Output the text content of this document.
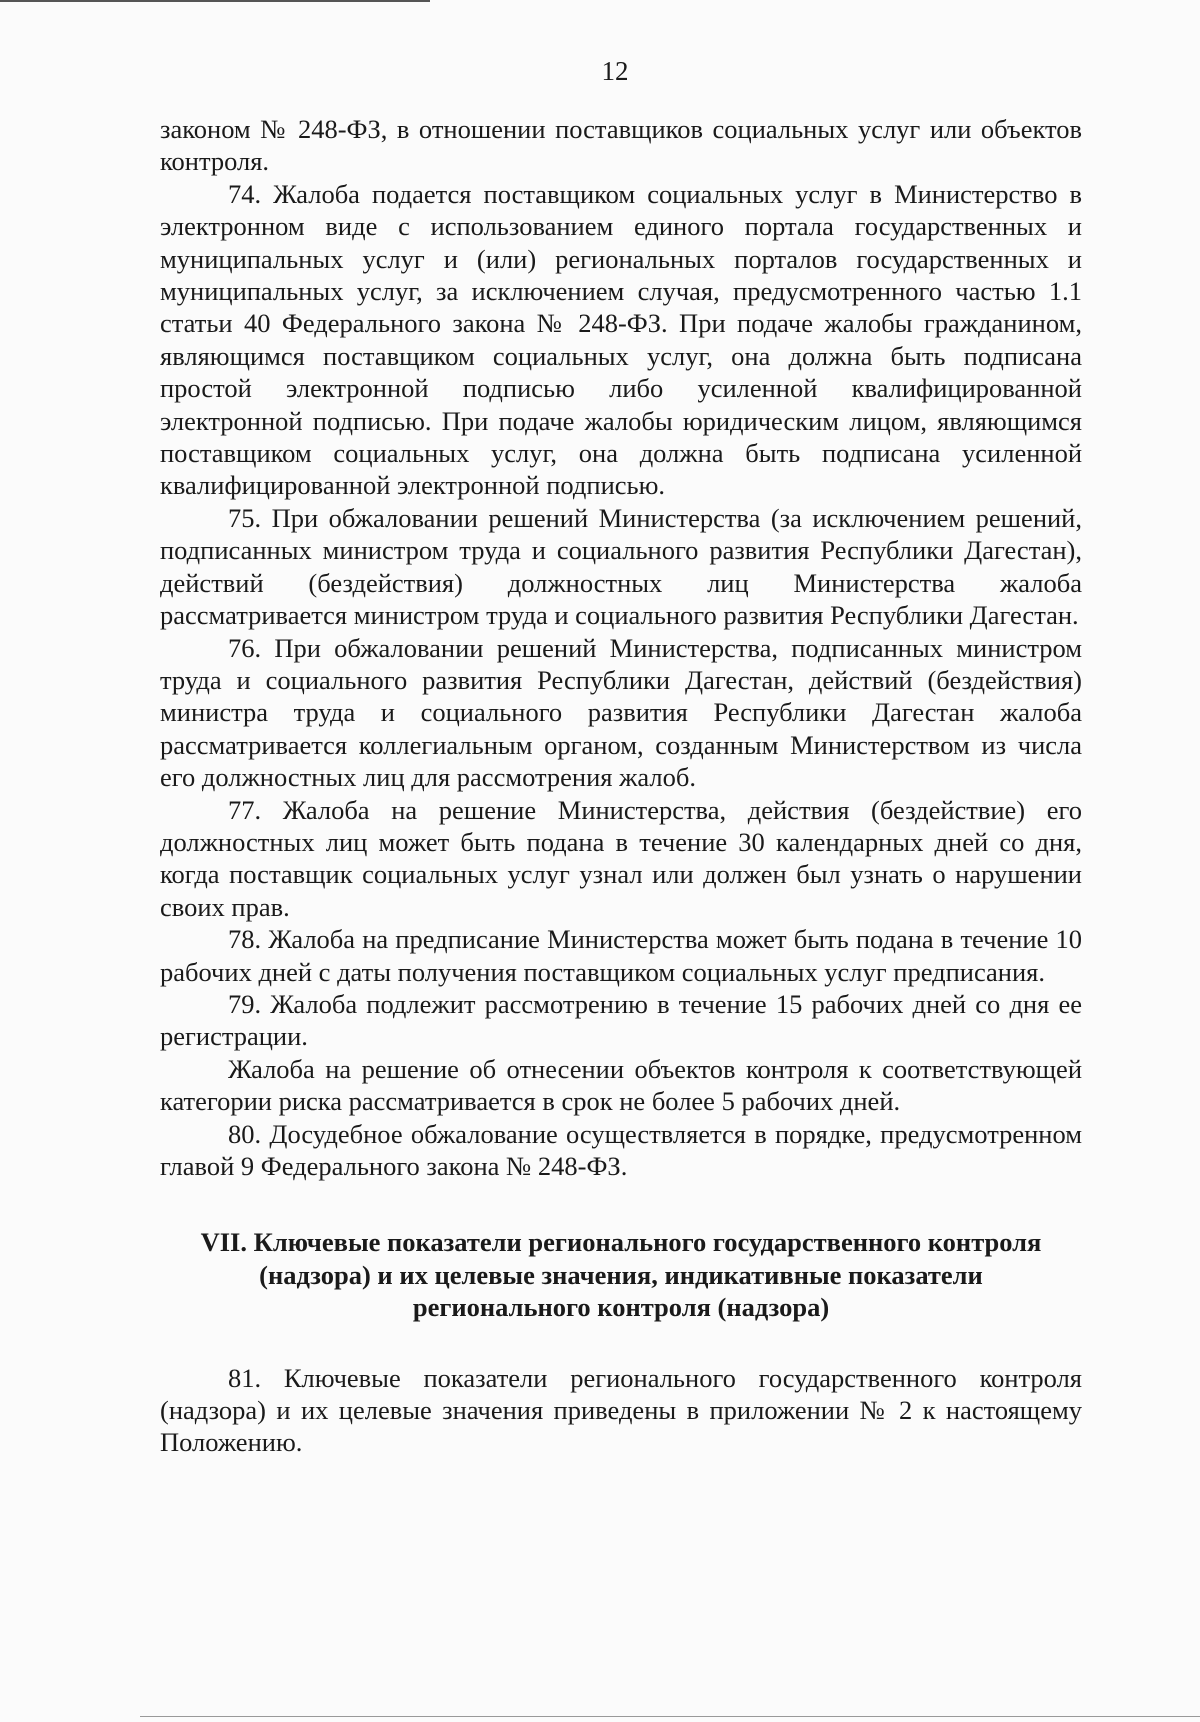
12

законом № 248-ФЗ, в отношении поставщиков социальных услуг или объектов контроля.

74. Жалоба подается поставщиком социальных услуг в Министерство в электронном виде с использованием единого портала государственных и муниципальных услуг и (или) региональных порталов государственных и муниципальных услуг, за исключением случая, предусмотренного частью 1.1 статьи 40 Федерального закона № 248-ФЗ. При подаче жалобы гражданином, являющимся поставщиком социальных услуг, она должна быть подписана простой электронной подписью либо усиленной квалифицированной электронной подписью. При подаче жалобы юридическим лицом, являющимся поставщиком социальных услуг, она должна быть подписана усиленной квалифицированной электронной подписью.

75. При обжаловании решений Министерства (за исключением решений, подписанных министром труда и социального развития Республики Дагестан), действий (бездействия) должностных лиц Министерства жалоба рассматривается министром труда и социального развития Республики Дагестан.

76. При обжаловании решений Министерства, подписанных министром труда и социального развития Республики Дагестан, действий (бездействия) министра труда и социального развития Республики Дагестан жалоба рассматривается коллегиальным органом, созданным Министерством из числа его должностных лиц для рассмотрения жалоб.

77. Жалоба на решение Министерства, действия (бездействие) его должностных лиц может быть подана в течение 30 календарных дней со дня, когда поставщик социальных услуг узнал или должен был узнать о нарушении своих прав.

78. Жалоба на предписание Министерства может быть подана в течение 10 рабочих дней с даты получения поставщиком социальных услуг предписания.

79. Жалоба подлежит рассмотрению в течение 15 рабочих дней со дня ее регистрации.

Жалоба на решение об отнесении объектов контроля к соответствующей категории риска рассматривается в срок не более 5 рабочих дней.

80. Досудебное обжалование осуществляется в порядке, предусмотренном главой 9 Федерального закона № 248-ФЗ.

VII. Ключевые показатели регионального государственного контроля (надзора) и их целевые значения, индикативные показатели регионального контроля (надзора)

81. Ключевые показатели регионального государственного контроля (надзора) и их целевые значения приведены в приложении № 2 к настоящему Положению.
